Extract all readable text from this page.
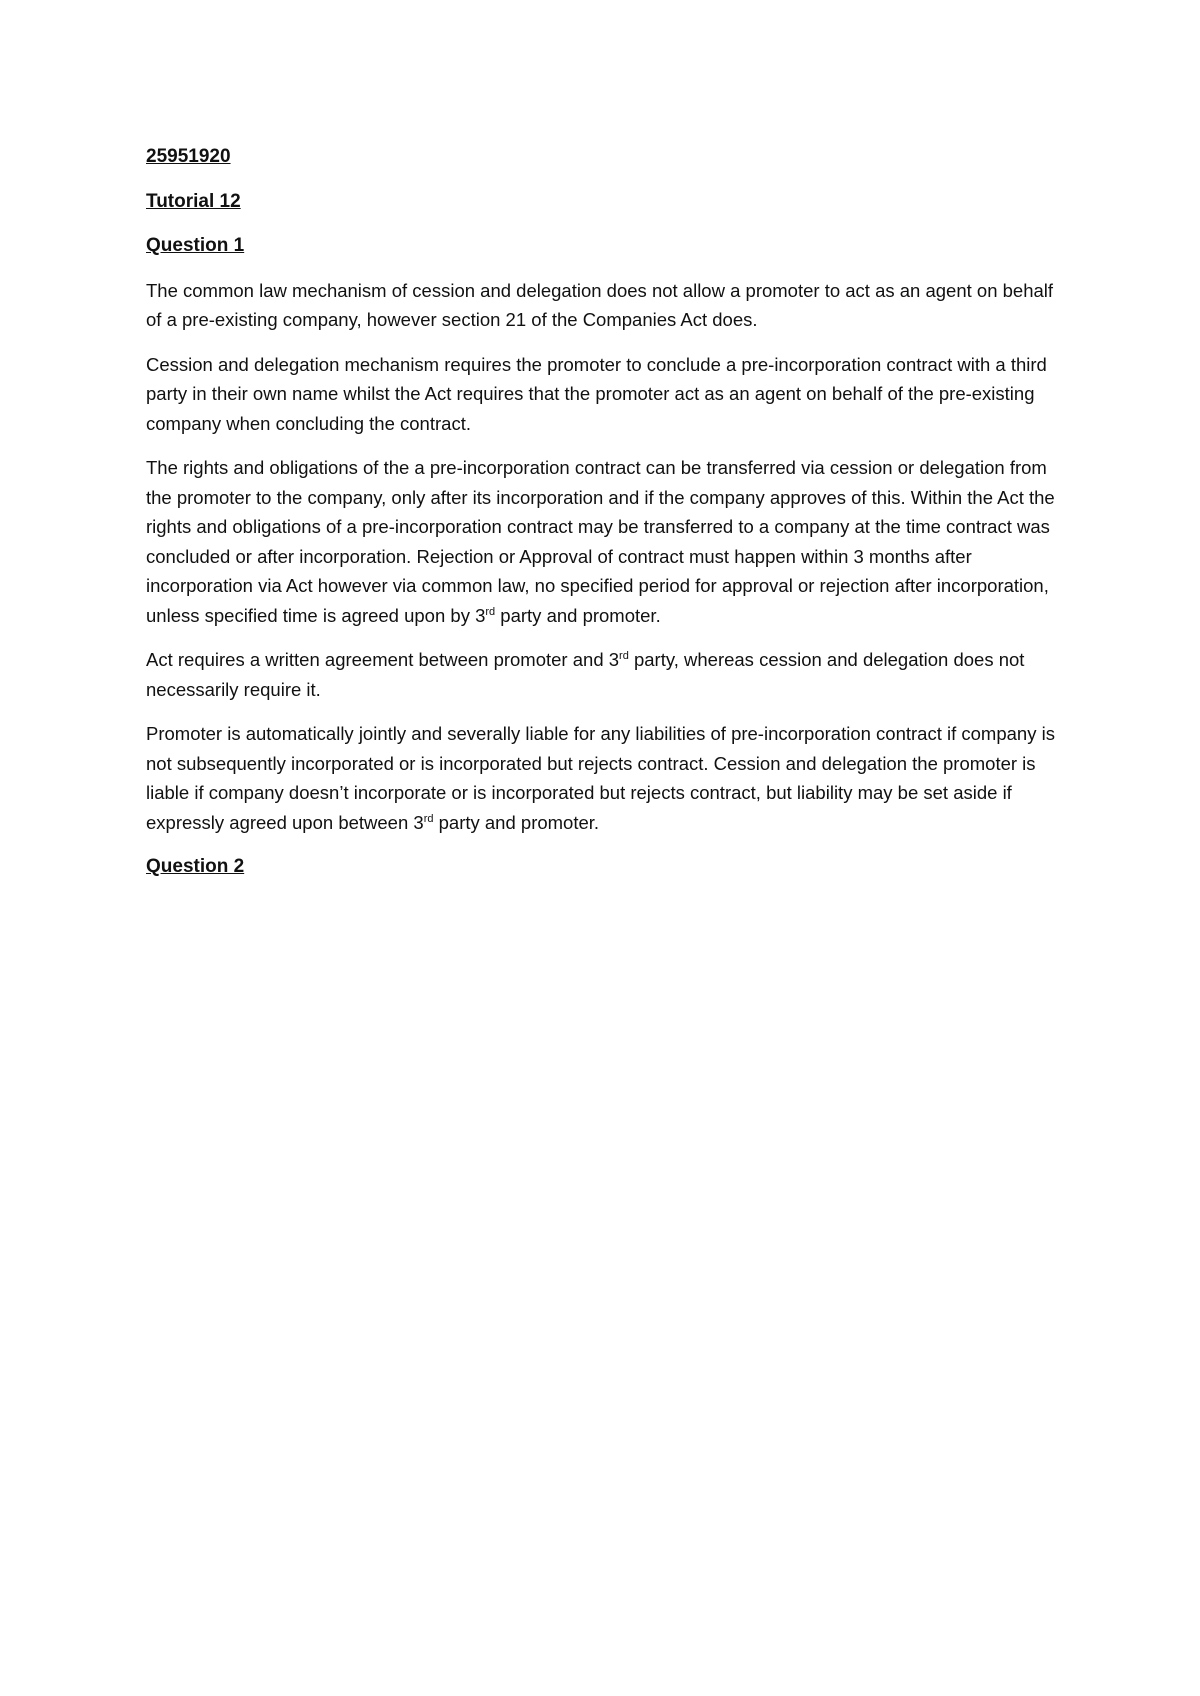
25951920

Tutorial 12

Question 1

The common law mechanism of cession and delegation does not allow a promoter to act as an agent on behalf of a pre-existing company, however section 21 of the Companies Act does.

Cession and delegation mechanism requires the promoter to conclude a pre-incorporation contract with a third party in their own name whilst the Act requires that the promoter act as an agent on behalf of the pre-existing company when concluding the contract.

The rights and obligations of the a pre-incorporation contract can be transferred via cession or delegation from the promoter to the company, only after its incorporation and if the company approves of this. Within the Act the rights and obligations of a pre-incorporation contract may be transferred to a company at the time contract was concluded or after incorporation. Rejection or Approval of contract must happen within 3 months after incorporation via Act however via common law, no specified period for approval or rejection after incorporation, unless specified time is agreed upon by 3rd party and promoter.

Act requires a written agreement between promoter and 3rd party, whereas cession and delegation does not necessarily require it.

Promoter is automatically jointly and severally liable for any liabilities of pre-incorporation contract if company is not subsequently incorporated or is incorporated but rejects contract. Cession and delegation the promoter is liable if company doesn’t incorporate or is incorporated but rejects contract, but liability may be set aside if expressly agreed upon between 3rd party and promoter.

Question 2
